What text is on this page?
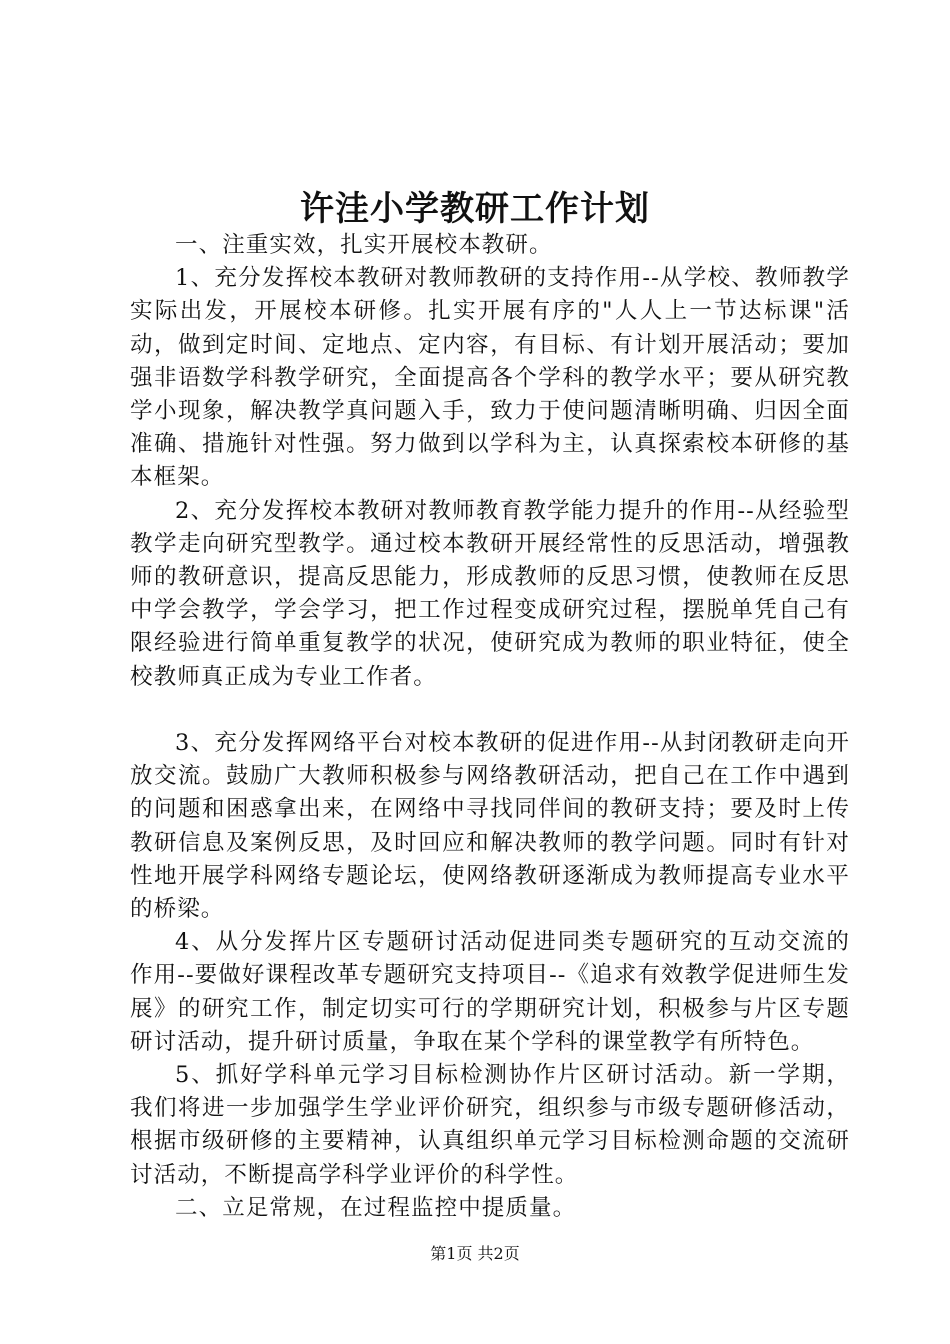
许洼小学教研工作计划

一、注重实效，扎实开展校本教研。

1、充分发挥校本教研对教师教研的支持作用--从学校、教师教学实际出发，开展校本研修。扎实开展有序的"人人上一节达标课"活动，做到定时间、定地点、定内容，有目标、有计划开展活动；要加强非语数学科教学研究，全面提高各个学科的教学水平；要从研究教学小现象，解决教学真问题入手，致力于使问题清晰明确、归因全面准确、措施针对性强。努力做到以学科为主，认真探索校本研修的基本框架。

2、充分发挥校本教研对教师教育教学能力提升的作用--从经验型教学走向研究型教学。通过校本教研开展经常性的反思活动，增强教师的教研意识，提高反思能力，形成教师的反思习惯，使教师在反思中学会教学，学会学习，把工作过程变成研究过程，摆脱单凭自己有限经验进行简单重复教学的状况，使研究成为教师的职业特征，使全校教师真正成为专业工作者。

3、充分发挥网络平台对校本教研的促进作用--从封闭教研走向开放交流。鼓励广大教师积极参与网络教研活动，把自己在工作中遇到的问题和困惑拿出来，在网络中寻找同伴间的教研支持；要及时上传教研信息及案例反思，及时回应和解决教师的教学问题。同时有针对性地开展学科网络专题论坛，使网络教研逐渐成为教师提高专业水平的桥梁。

4、从分发挥片区专题研讨活动促进同类专题研究的互动交流的作用--要做好课程改革专题研究支持项目--《追求有效教学促进师生发展》的研究工作，制定切实可行的学期研究计划，积极参与片区专题研讨活动，提升研讨质量，争取在某个学科的课堂教学有所特色。

5、抓好学科单元学习目标检测协作片区研讨活动。新一学期，我们将进一步加强学生学业评价研究，组织参与市级专题研修活动，根据市级研修的主要精神，认真组织单元学习目标检测命题的交流研讨活动，不断提高学科学业评价的科学性。

二、立足常规，在过程监控中提质量。

第1页 共2页
